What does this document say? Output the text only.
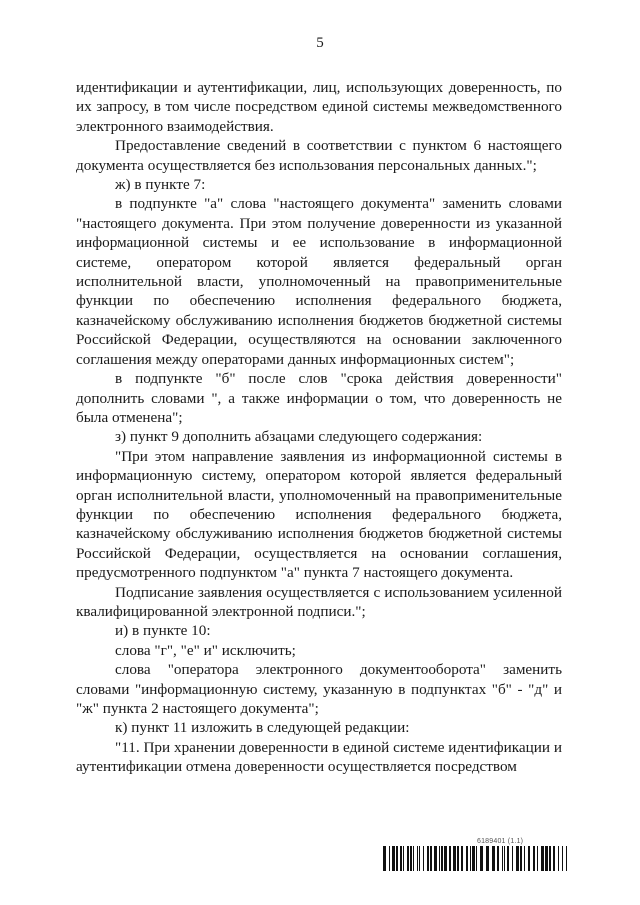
5

идентификации и аутентификации, лиц, использующих доверенность, по их запросу, в том числе посредством единой системы межведомственного электронного взаимодействия.

Предоставление сведений в соответствии с пунктом 6 настоящего документа осуществляется без использования персональных данных.";

ж) в пункте 7:

в подпункте "а" слова "настоящего документа" заменить словами "настоящего документа. При этом получение доверенности из указанной информационной системы и ее использование в информационной системе, оператором которой является федеральный орган исполнительной власти, уполномоченный на правоприменительные функции по обеспечению исполнения федерального бюджета, казначейскому обслуживанию исполнения бюджетов бюджетной системы Российской Федерации, осуществляются на основании заключенного соглашения между операторами данных информационных систем";

в подпункте "б" после слов "срока действия доверенности" дополнить словами ", а также информации о том, что доверенность не была отменена";

з) пункт 9 дополнить абзацами следующего содержания:

"При этом направление заявления из информационной системы в информационную систему, оператором которой является федеральный орган исполнительной власти, уполномоченный на правоприменительные функции по обеспечению исполнения федерального бюджета, казначейскому обслуживанию исполнения бюджетов бюджетной системы Российской Федерации, осуществляется на основании соглашения, предусмотренного подпунктом "а" пункта 7 настоящего документа.

Подписание заявления осуществляется с использованием усиленной квалифицированной электронной подписи.";

и) в пункте 10:

слова "г", "е" и" исключить;

слова "оператора электронного документооборота" заменить словами "информационную систему, указанную в подпунктах "б" - "д" и "ж" пункта 2 настоящего документа";

к) пункт 11 изложить в следующей редакции:

"11. При хранении доверенности в единой системе идентификации и аутентификации отмена доверенности осуществляется посредством

6189401 (1.1)
